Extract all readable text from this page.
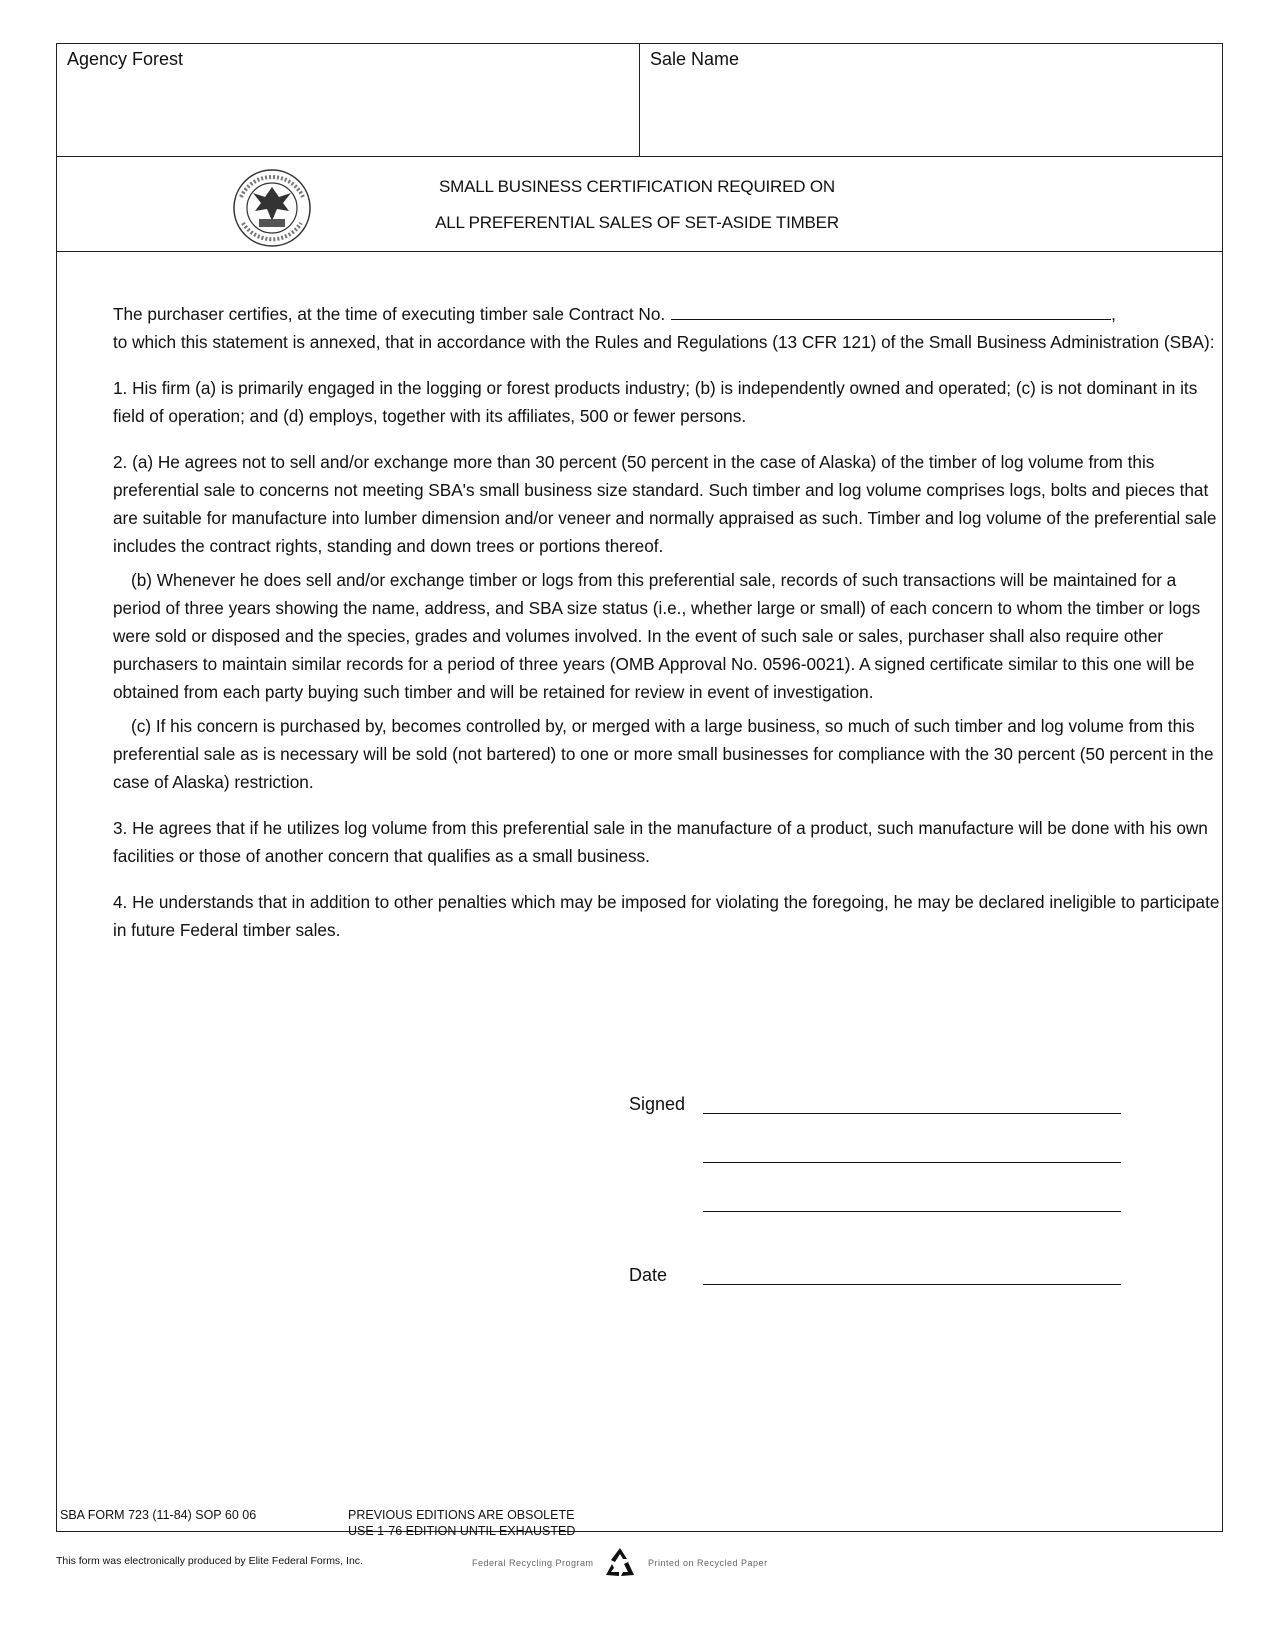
Agency Forest	Sale Name
SMALL BUSINESS CERTIFICATION REQUIRED ON
ALL PREFERENTIAL SALES OF SET-ASIDE TIMBER

The purchaser certifies, at the time of executing timber sale Contract No.	,
to which this statement is annexed, that in accordance with the Rules and Regulations (13 CFR 121) of the Small Business Administration (SBA):

1. His firm (a) is primarily engaged in the logging or forest products industry; (b) is independently owned and operated; (c) is not dominant in its field of operation; and (d) employs, together with its affiliates, 500 or fewer persons.

2. (a) He agrees not to sell and/or exchange more than 30 percent (50 percent in the case of Alaska) of the timber of log volume from this preferential sale to concerns not meeting SBA's small business size standard. Such timber and log volume comprises logs, bolts and pieces that are suitable for manufacture into lumber dimension and/or veneer and normally appraised as such. Timber and log volume of the preferential sale includes the contract rights, standing and down trees or portions thereof.

(b) Whenever he does sell and/or exchange timber or logs from this preferential sale, records of such transactions will be maintained for a period of three years showing the name, address, and SBA size status (i.e., whether large or small) of each concern to whom the timber or logs were sold or disposed and the species, grades and volumes involved. In the event of such sale or sales, purchaser shall also require other purchasers to maintain similar records for a period of three years (OMB Approval No. 0596-0021). A signed certificate similar to this one will be obtained from each party buying such timber and will be retained for review in event of investigation.

(c) If his concern is purchased by, becomes controlled by, or merged with a large business, so much of such timber and log volume from this preferential sale as is necessary will be sold (not bartered) to one or more small businesses for compliance with the 30 percent (50 percent in the case of Alaska) restriction.

3. He agrees that if he utilizes log volume from this preferential sale in the manufacture of a product, such manufacture will be done with his own facilities or those of another concern that qualifies as a small business.

4. He understands that in addition to other penalties which may be imposed for violating the foregoing, he may be declared ineligible to participate in future Federal timber sales.

Signed
Date
SBA FORM 723 (11-84) SOP 60 06	PREVIOUS EDITIONS ARE OBSOLETE
USE 1-76 EDITION UNTIL EXHAUSTED
This form was electronically produced by Elite Federal Forms, Inc.	Federal Recycling Program	Printed on Recycled Paper
